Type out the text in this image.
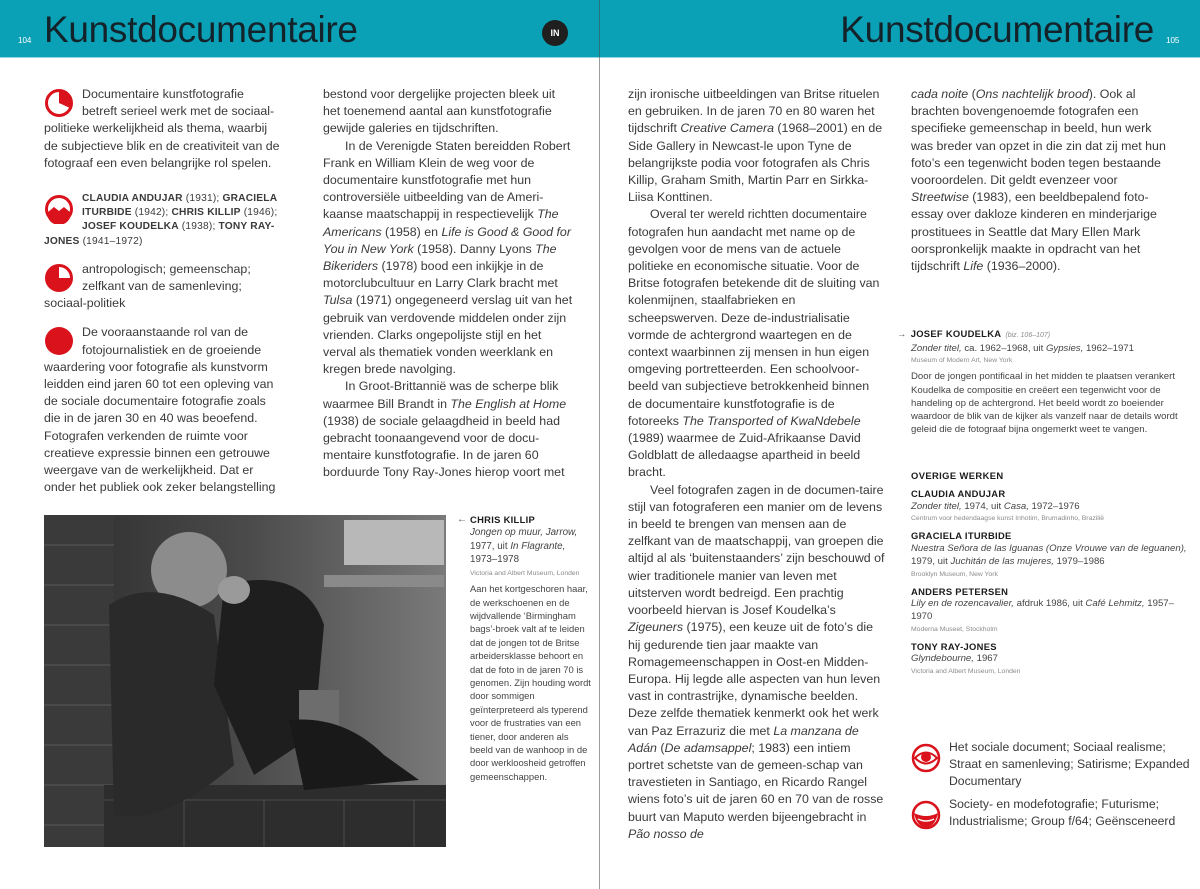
104 Kunstdocumentaire	IN

Documentaire kunstfotografie betreft serieel werk met de sociaal-politieke werkelijkheid als thema, waarbij de subjectieve blik en de creativiteit van de fotograaf een even belangrijke rol spelen.

CLAUDIA ANDUJAR (1931); GRACIELA ITURBIDE (1942); CHRIS KILLIP (1946); JOSEF KOUDELKA (1938); TONY RAY-JONES (1941–1972)

antropologisch; gemeenschap; zelfkant van de samenleving; sociaal-politiek

De vooraanstaande rol van de fotojournalistiek en de groeiende waardering voor fotografie als kunstvorm leidden eind jaren 60 tot een opleving van de sociale documentaire fotografie zoals die in de jaren 30 en 40 was beoefend. Fotografen verkenden de ruimte voor creatieve expressie binnen een getrouwe weergave van de werkelijkheid. Dat er onder het publiek ook zeker belangstelling

bestond voor dergelijke projecten bleek uit het toenemend aantal aan kunstfotografie gewijde galeries en tijdschriften.

In de Verenigde Staten bereidden Robert Frank en William Klein de weg voor de documentaire kunstfotografie met hun controversiële uitbeelding van de Ameri-kaanse maatschappij in respectievelijk The Americans (1958) en Life is Good & Good for You in New York (1958). Danny Lyons The Bikeriders (1978) bood een inkijkje in de motorclubcultuur en Larry Clark bracht met Tulsa (1971) ongegeneerd verslag uit van het gebruik van verdovende middelen onder zijn vrienden. Clarks ongepolijste stijl en het verval als thematiek vonden weerklank en kregen brede navolging.

In Groot-Brittannië was de scherpe blik waarmee Bill Brandt in The English at Home (1938) de sociale gelaagdheid in beeld had gebracht toonaangevend voor de docu-mentaire kunstfotografie. In de jaren 60 borduurde Tony Ray-Jones hierop voort met

← CHRIS KILLIP
Jongen op muur, Jarrow, 1977, uit In Flagrante, 1973–1978
Victoria and Albert Museum, Londen
Aan het kortgeschoren haar, de werkschoenen en de wijdvallende ‘Birmingham bags’-broek valt af te leiden dat de jongen tot de Britse arbeidersklasse behoort en dat de foto in de jaren 70 is genomen. Zijn houding wordt door sommigen geïnterpreteerd als typerend voor de frustraties van een tiener, door anderen als beeld van de wanhoop in de door werkloosheid getroffen gemeenschappen.
Kunstdocumentaire 105

zijn ironische uitbeeldingen van Britse rituelen en gebruiken. In de jaren 70 en 80 waren het tijdschrift Creative Camera (1968–2001) en de Side Gallery in Newcast-le upon Tyne de belangrijkste podia voor fotografen als Chris Killip, Graham Smith, Martin Parr en Sirkka-Liisa Konttinen.

Overal ter wereld richtten documentaire fotografen hun aandacht met name op de gevolgen voor de mens van de actuele politieke en economische situatie. Voor de Britse fotografen betekende dit de sluiting van kolenmijnen, staalfabrieken en scheepswerven. Deze de-industrialisatie vormde de achtergrond waartegen en de context waarbinnen zij mensen in hun eigen omgeving portretteerden. Een schoolvoor-beeld van subjectieve betrokkenheid binnen de documentaire kunstfotografie is de fotoreeks The Transported of KwaNdebele (1989) waarmee de Zuid-Afrikaanse David Goldblatt de alledaagse apartheid in beeld bracht.

Veel fotografen zagen in de documen-taire stijl van fotograferen een manier om de levens in beeld te brengen van mensen aan de zelfkant van de maatschappij, van groepen die altijd al als ‘buitenstaanders’ zijn beschouwd of wier traditionele manier van leven met uitsterven wordt bedreigd. Een prachtig voorbeeld hiervan is Josef Koudelka’s Zigeuners (1975), een keuze uit de foto’s die hij gedurende tien jaar maakte van Romagemeenschappen in Oost-en Midden-Europa. Hij legde alle aspecten van hun leven vast in contrastrijke, dynamische beelden. Deze zelfde thematiek kenmerkt ook het werk van Paz Errazuriz die met La manzana de Adán (De adamsappel; 1983) een intiem portret schetste van de gemeen-schap van travestieten in Santiago, en Ricardo Rangel wiens foto’s uit de jaren 60 en 70 van de rosse buurt van Maputo werden bijeengebracht in Pão nosso de

cada noite (Ons nachtelijk brood). Ook al brachten bovengenoemde fotografen een specifieke gemeenschap in beeld, hun werk was breder van opzet in die zin dat zij met hun foto’s een tegenwicht boden tegen bestaande vooroordelen. Dit geldt evenzeer voor Streetwise (1983), een beeldbepalend foto-essay over dakloze kinderen en minderjarige prostituees in Seattle dat Mary Ellen Mark oorspronkelijk maakte in opdracht van het tijdschrift Life (1936–2000).

→ JOSEF KOUDELKA (biz. 106–107)
Zonder titel, ca. 1962–1968, uit Gypsies, 1962–1971
Museum of Modern Art, New York
Door de jongen pontificaal in het midden te plaatsen verankert Koudelka de compositie en creëert een tegenwicht voor de handeling op de achtergrond. Het beeld wordt zo boeiender waardoor de blik van de kijker als vanzelf naar de details wordt geleid die de fotograaf bijna ongemerkt weet te vangen.
OVERIGE WERKEN
CLAUDIA ANDUJAR
Zonder titel, 1974, uit Casa, 1972–1976
Centrum voor hedendaagse kunst Inhotim, Brumadinho, Brazilië
GRACIELA ITURBIDE
Nuestra Señora de las Iguanas (Onze Vrouwe van de leguanen), 1979, uit Juchitán de las mujeres, 1979–1986
Brooklyn Museum, New York
ANDERS PETERSEN
Lily en de rozencavalier, afdruk 1986, uit Café Lehmitz, 1957–1970
Moderna Museet, Stockholm
TONY RAY-JONES
Glyndebourne, 1967
Victoria and Albert Museum, Londen
Het sociale document; Sociaal realisme; Straat en samenleving; Satirisme; Expanded Documentary
Society- en modefotografie; Futurisme; Industrialisme; Group f/64; Geënsceneerd
